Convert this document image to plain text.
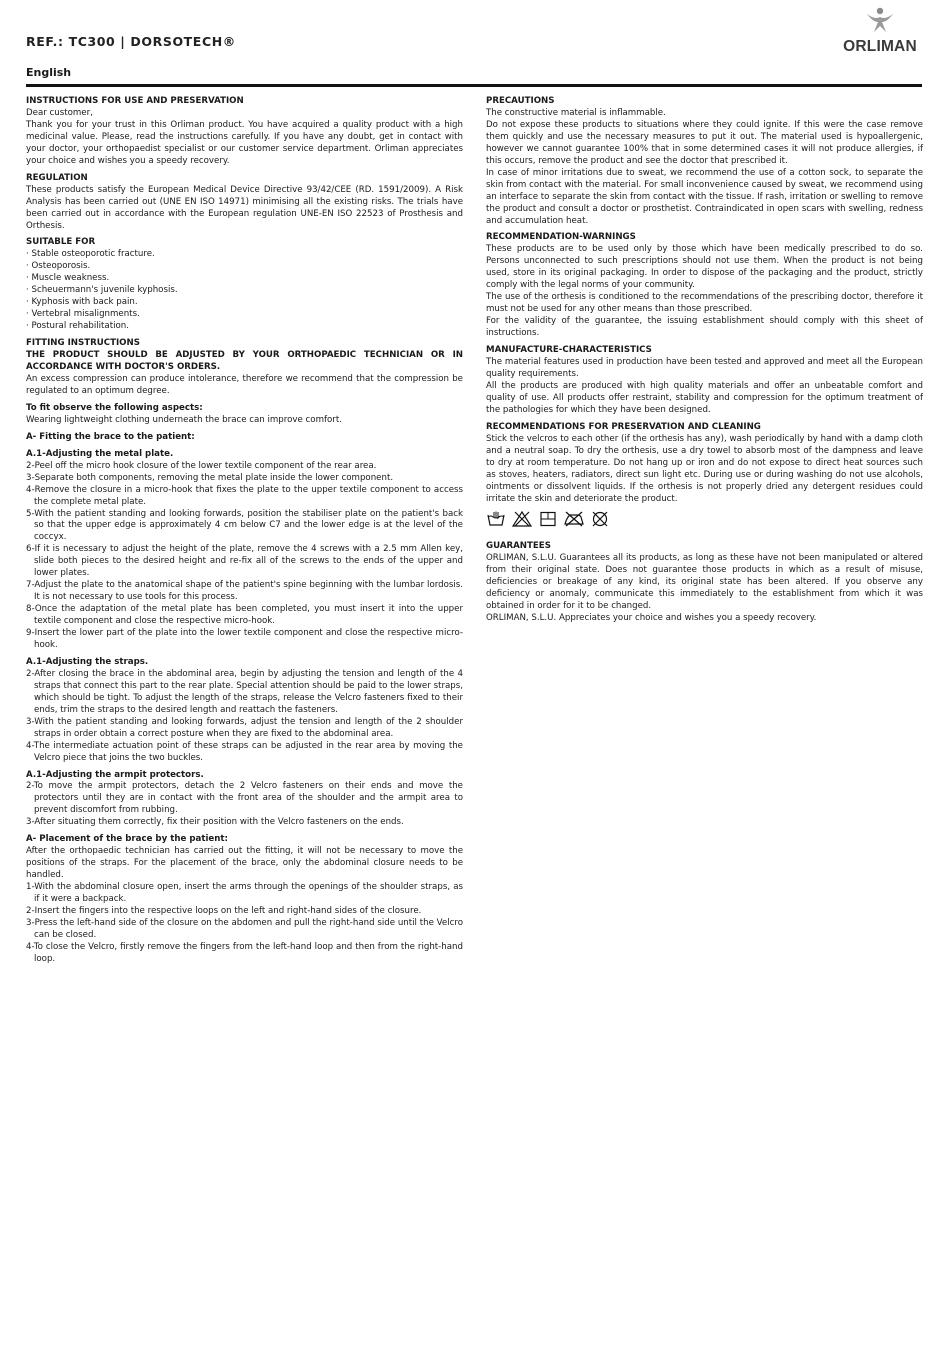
REF.: TC300 | DORSOTECH®	ORLIMAN
English

INSTRUCTIONS FOR USE AND PRESERVATION

Dear customer,

Thank you for your trust in this Orliman product. You have acquired a quality product with a high medicinal value. Please, read the instructions carefully. If you have any doubt, get in contact with your doctor, your orthopaedist specialist or our customer service department. Orliman appreciates your choice and wishes you a speedy recovery.

REGULATION

These products satisfy the European Medical Device Directive 93/42/CEE (RD. 1591/2009). A Risk Analysis has been carried out (UNE EN ISO 14971) minimising all the existing risks. The trials have been carried out in accordance with the European regulation UNE-EN ISO 22523 of Prosthesis and Orthesis.

SUITABLE FOR

· Stable osteoporotic fracture.

· Osteoporosis.

· Muscle weakness.

· Scheuermann's juvenile kyphosis.

· Kyphosis with back pain.

· Vertebral misalignments.

· Postural rehabilitation.

FITTING INSTRUCTIONS

THE PRODUCT SHOULD BE ADJUSTED BY YOUR ORTHOPAEDIC TECHNICIAN OR IN ACCORDANCE WITH DOCTOR'S ORDERS.

An excess compression can produce intolerance, therefore we recommend that the compression be regulated to an optimum degree.

To fit observe the following aspects:

Wearing lightweight clothing underneath the brace can improve comfort.

A- Fitting the brace to the patient:

A.1-Adjusting the metal plate.

2-Peel off the micro hook closure of the lower textile component of the rear area.

3-Separate both components, removing the metal plate inside the lower component.

4-Remove the closure in a micro-hook that fixes the plate to the upper textile component to access the complete metal plate.

5-With the patient standing and looking forwards, position the stabiliser plate on the patient's back so that the upper edge is approximately 4 cm below C7 and the lower edge is at the level of the coccyx.

6-If it is necessary to adjust the height of the plate, remove the 4 screws with a 2.5 mm Allen key, slide both pieces to the desired height and re-fix all of the screws to the ends of the upper and lower plates.

7-Adjust the plate to the anatomical shape of the patient's spine beginning with the lumbar lordosis. It is not necessary to use tools for this process.

8-Once the adaptation of the metal plate has been completed, you must insert it into the upper textile component and close the respective micro-hook.

9-Insert the lower part of the plate into the lower textile component and close the respective micro-hook.

A.1-Adjusting the straps.

2-After closing the brace in the abdominal area, begin by adjusting the tension and length of the 4 straps that connect this part to the rear plate. Special attention should be paid to the lower straps, which should be tight. To adjust the length of the straps, release the Velcro fasteners fixed to their ends, trim the straps to the desired length and reattach the fasteners.

3-With the patient standing and looking forwards, adjust the tension and length of the 2 shoulder straps in order obtain a correct posture when they are fixed to the abdominal area.

4-The intermediate actuation point of these straps can be adjusted in the rear area by moving the Velcro piece that joins the two buckles.

A.1-Adjusting the armpit protectors.

2-To move the armpit protectors, detach the 2 Velcro fasteners on their ends and move the protectors until they are in contact with the front area of the shoulder and the armpit area to prevent discomfort from rubbing.

3-After situating them correctly, fix their position with the Velcro fasteners on the ends.

A- Placement of the brace by the patient:

After the orthopaedic technician has carried out the fitting, it will not be necessary to move the positions of the straps. For the placement of the brace, only the abdominal closure needs to be handled.

1-With the abdominal closure open, insert the arms through the openings of the shoulder straps, as if it were a backpack.

2-Insert the fingers into the respective loops on the left and right-hand sides of the closure.

3-Press the left-hand side of the closure on the abdomen and pull the right-hand side until the Velcro can be closed.

4-To close the Velcro, firstly remove the fingers from the left-hand loop and then from the right-hand loop.

PRECAUTIONS

The constructive material is inflammable.

Do not expose these products to situations where they could ignite. If this were the case remove them quickly and use the necessary measures to put it out. The material used is hypoallergenic, however we cannot guarantee 100% that in some determined cases it will not produce allergies, if this occurs, remove the product and see the doctor that prescribed it.

In case of minor irritations due to sweat, we recommend the use of a cotton sock, to separate the skin from contact with the material. For small inconvenience caused by sweat, we recommend using an interface to separate the skin from contact with the tissue. If rash, irritation or swelling to remove the product and consult a doctor or prosthetist. Contraindicated in open scars with swelling, redness and accumulation heat.

RECOMMENDATION-WARNINGS

These products are to be used only by those which have been medically prescribed to do so. Persons unconnected to such prescriptions should not use them. When the product is not being used, store in its original packaging. In order to dispose of the packaging and the product, strictly comply with the legal norms of your community.

The use of the orthesis is conditioned to the recommendations of the prescribing doctor, therefore it must not be used for any other means than those prescribed.

For the validity of the guarantee, the issuing establishment should comply with this sheet of instructions.

MANUFACTURE-CHARACTERISTICS

The material features used in production have been tested and approved and meet all the European quality requirements.

All the products are produced with high quality materials and offer an unbeatable comfort and quality of use. All products offer restraint, stability and compression for the optimum treatment of the pathologies for which they have been designed.

RECOMMENDATIONS FOR PRESERVATION AND CLEANING

Stick the velcros to each other (if the orthesis has any), wash periodically by hand with a damp cloth and a neutral soap. To dry the orthesis, use a dry towel to absorb most of the dampness and leave to dry at room temperature. Do not hang up or iron and do not expose to direct heat sources such as stoves, heaters, radiators, direct sun light etc. During use or during washing do not use alcohols, ointments or dissolvent liquids. If the orthesis is not properly dried any detergent residues could irritate the skin and deteriorate the product.

GUARANTEES

ORLIMAN, S.L.U. Guarantees all its products, as long as these have not been manipulated or altered from their original state. Does not guarantee those products in which as a result of misuse, deficiencies or breakage of any kind, its original state has been altered. If you observe any deficiency or anomaly, communicate this immediately to the establishment from which it was obtained in order for it to be changed.

ORLIMAN, S.L.U. Appreciates your choice and wishes you a speedy recovery.
